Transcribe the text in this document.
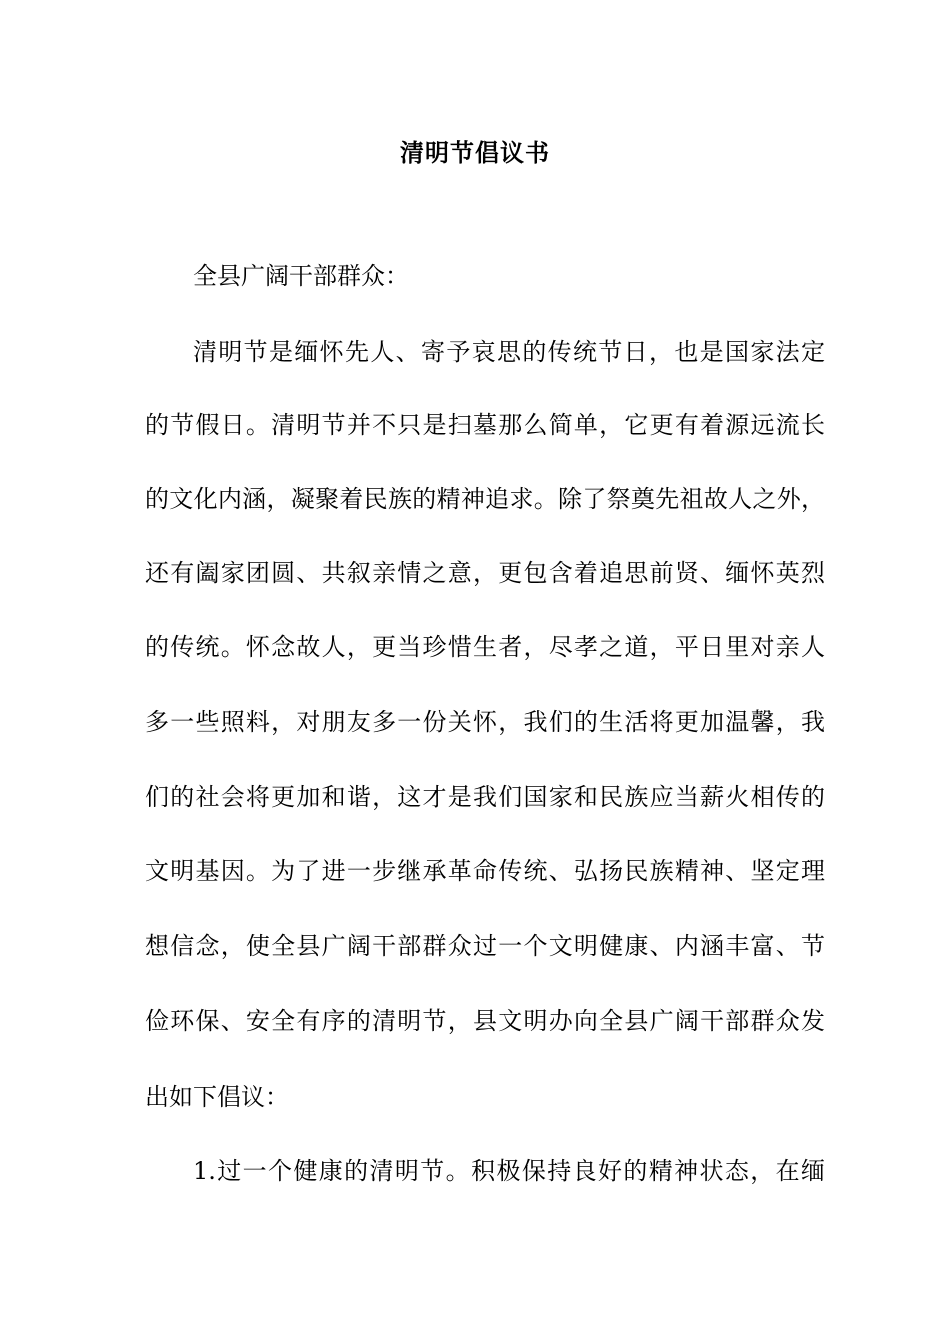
清明节倡议书
全县广阔干部群众：
清明节是缅怀先人、寄予哀思的传统节日，也是国家法定
的节假日。清明节并不只是扫墓那么简单，它更有着源远流长
的文化内涵，凝聚着民族的精神追求。除了祭奠先祖故人之外，
还有阖家团圆、共叙亲情之意，更包含着追思前贤、缅怀英烈
的传统。怀念故人，更当珍惜生者，尽孝之道，平日里对亲人
多一些照料，对朋友多一份关怀，我们的生活将更加温馨，我
们的社会将更加和谐，这才是我们国家和民族应当薪火相传的
文明基因。为了进一步继承革命传统、弘扬民族精神、坚定理
想信念，使全县广阔干部群众过一个文明健康、内涵丰富、节
俭环保、安全有序的清明节，县文明办向全县广阔干部群众发
出如下倡议：
1.过一个健康的清明节。积极保持良好的精神状态，在缅
